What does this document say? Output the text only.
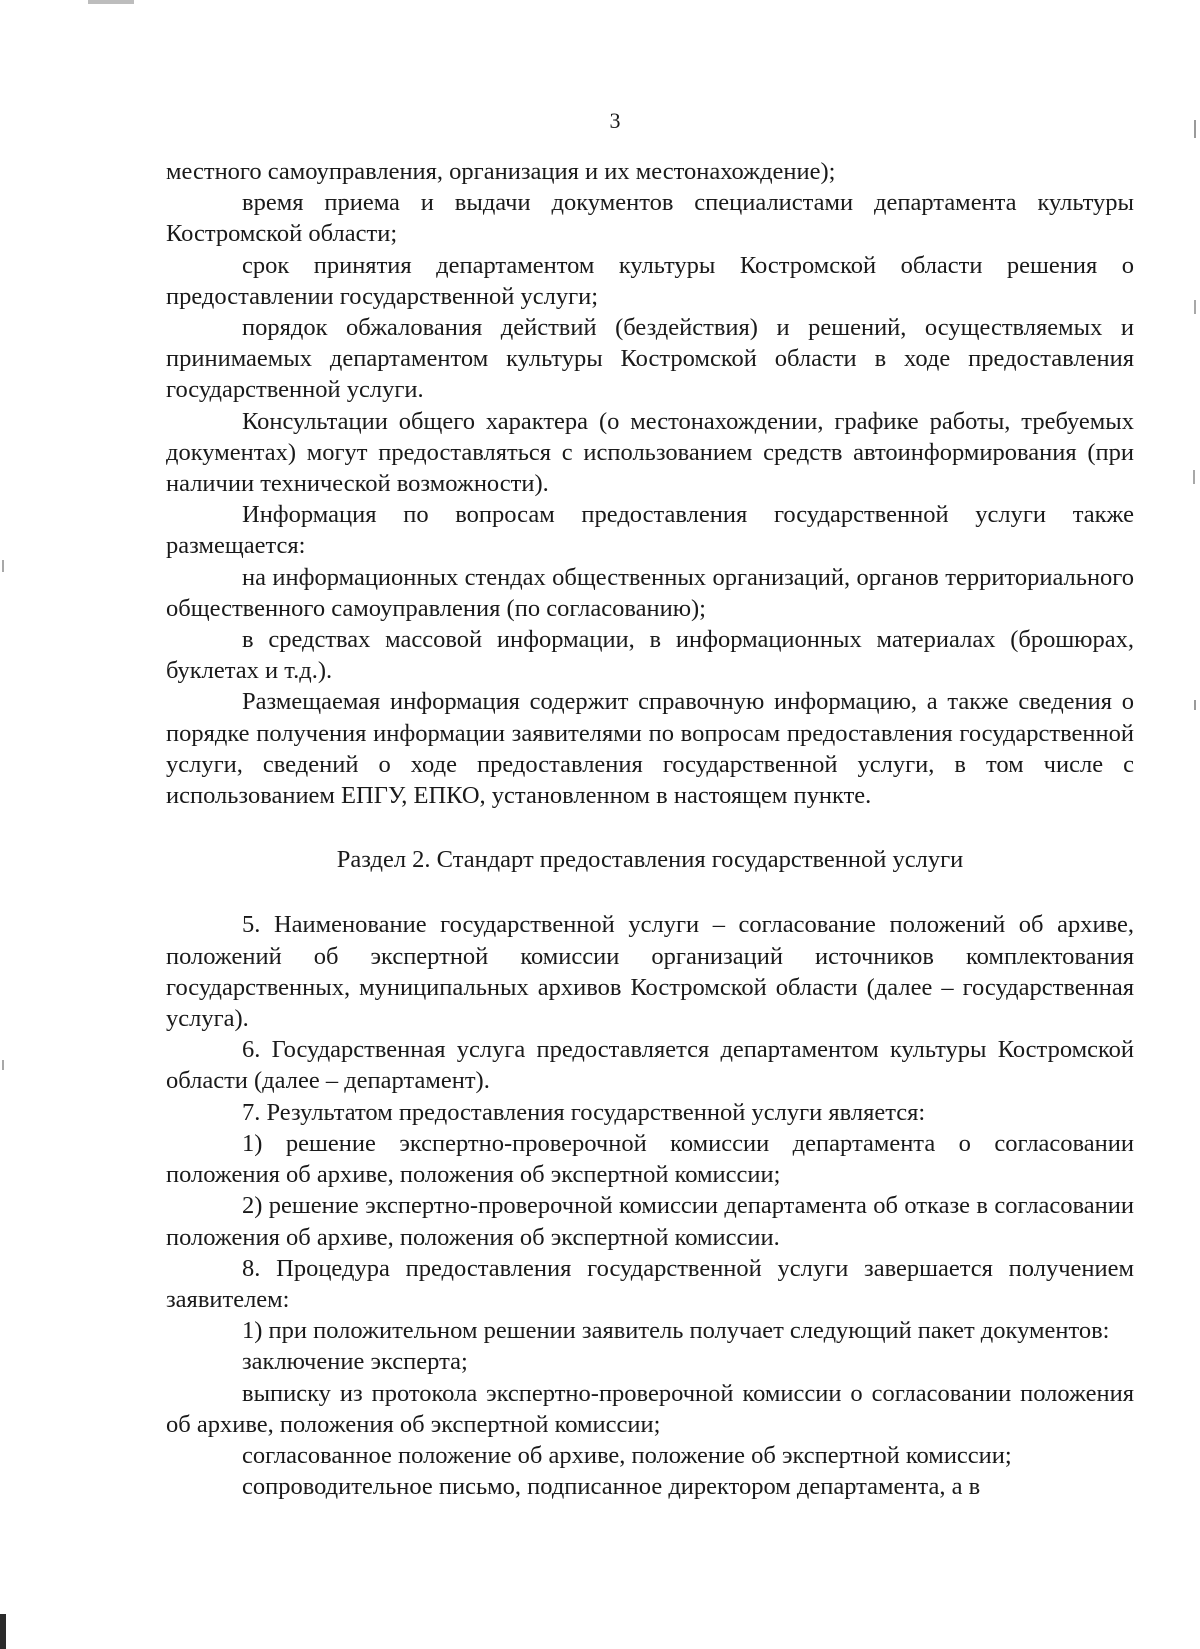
3

местного самоуправления, организация и их местонахождение);

время приема и выдачи документов специалистами департамента культуры Костромской области;

срок принятия департаментом культуры Костромской области решения о предоставлении государственной услуги;

порядок обжалования действий (бездействия) и решений, осуществляемых и принимаемых департаментом культуры Костромской области в ходе предоставления государственной услуги.

Консультации общего характера (о местонахождении, графике работы, требуемых документах) могут предоставляться с использованием средств автоинформирования (при наличии технической возможности).

Информация по вопросам предоставления государственной услуги также размещается:

на информационных стендах общественных организаций, органов территориального общественного самоуправления (по согласованию);

в средствах массовой информации, в информационных материалах (брошюрах, буклетах и т.д.).

Размещаемая информация содержит справочную информацию, а также сведения о порядке получения информации заявителями по вопросам предоставления государственной услуги, сведений о ходе предоставления государственной услуги, в том числе с использованием ЕПГУ, ЕПКО, установленном в настоящем пункте.

Раздел 2. Стандарт предоставления государственной услуги

5. Наименование государственной услуги – согласование положений об архиве, положений об экспертной комиссии организаций источников комплектования государственных, муниципальных архивов Костромской области (далее – государственная услуга).

6. Государственная услуга предоставляется департаментом культуры Костромской области (далее – департамент).

7. Результатом предоставления государственной услуги является:

1) решение экспертно-проверочной комиссии департамента о согласовании положения об архиве, положения об экспертной комиссии;

2) решение экспертно-проверочной комиссии департамента об отказе в согласовании положения об архиве, положения об экспертной комиссии.

8. Процедура предоставления государственной услуги завершается получением заявителем:

1) при положительном решении заявитель получает следующий пакет документов:

заключение эксперта;

выписку из протокола экспертно-проверочной комиссии о согласовании положения об архиве, положения об экспертной комиссии;

согласованное положение об архиве, положение об экспертной комиссии;

сопроводительное письмо, подписанное директором департамента, а в
